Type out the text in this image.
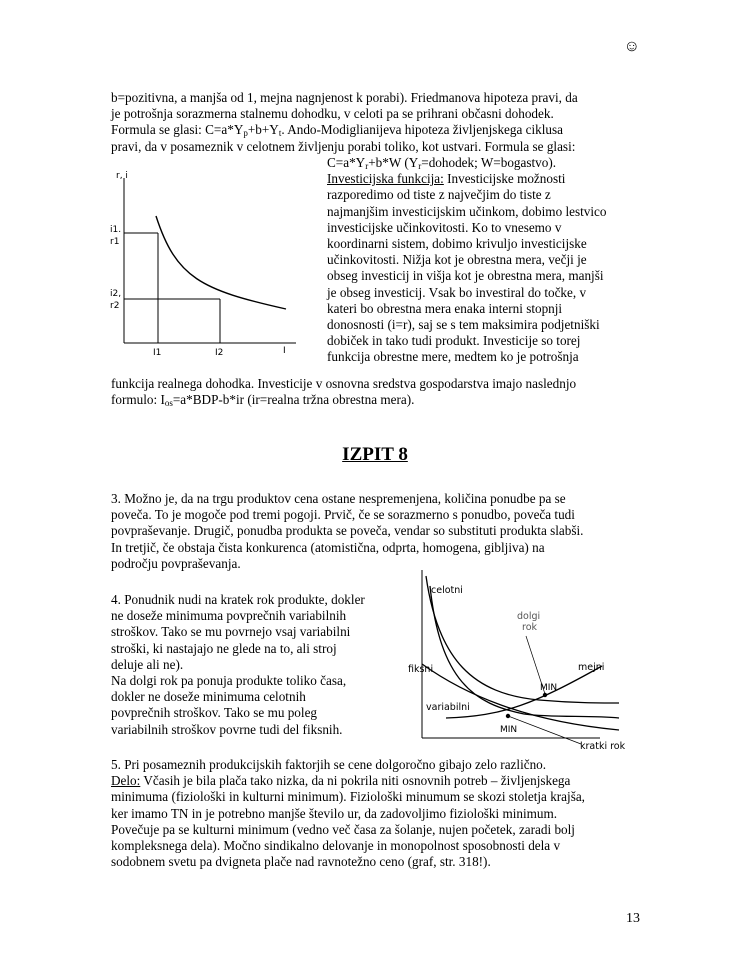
☺
b=pozitivna, a manjša od 1, mejna nagnjenost k porabi). Friedmanova hipoteza pravi, da
je potrošnja sorazmerna stalnemu dohodku, v celoti pa se prihrani občasni dohodek.
Formula se glasi: $C=a*Y_p+b+Y_t$. Ando-Modiglianijeva hipoteza življenjskega ciklusa
pravi, da v posameznik v celotnem življenju porabi toliko, kot ustvari. Formula se glasi:
$C=a*Y_r+b*W$ ($Y_r=dohodek$; W=bogastvo).
Investicijska funkcija: Investicijske možnosti
razporedimo od tiste z največjim do tiste z
najmanjšim investicijskim učinkom, dobimo lestvico
investicijske učinkovitosti. Ko to vnesemo v
koordinarni sistem, dobimo krivuljo investicijske
učinkovitosti. Nižja kot je obrestna mera, večji je
obseg investicij in višja kot je obrestna mera, manjši
je obseg investicij. Vsak bo investiral do točke, v
kateri bo obrestna mera enaka interni stopnji
donosnosti (i=r), saj se s tem maksimira podjetniški
dobiček in tako tudi produkt. Investicije so torej
funkcija obrestne mere, medtem ko je potrošnja
funkcija realnega dohodka. Investicije v osnovna sredstva gospodarstva imajo naslednjo
formulo: $I_{os}=a*BDP-b*ir$ (ir=realna tržna obrestna mera).
r, i
i1.
r1
i2,
r2
I1	I2	I
IZPIT 8
3. Možno je, da na trgu produktov cena ostane nespremenjena, količina ponudbe pa se
poveča. To je mogoče pod tremi pogoji. Prvič, če se sorazmerno s ponudbo, poveča tudi
povpraševanje. Drugič, ponudba produkta se poveča, vendar so substituti produkta slabši.
In tretjič, če obstaja čista konkurenca (atomistična, odprta, homogena, gibljiva) na
področju povpraševanja.
4. Ponudnik nudi na kratek rok produkte, dokler
ne doseže minimuma povprečnih variabilnih
stroškov. Tako se mu povrnejo vsaj variabilni
stroški, ki nastajajo ne glede na to, ali stroj
deluje ali ne).
Na dolgi rok pa ponuja produkte toliko časa,
dokler ne doseže minimuma celotnih
povprečnih stroškov. Tako se mu poleg
variabilnih stroškov povrne tudi del fiksnih.
celotni
dolgi
rok
fiksni	mejni
MIN
variabilni
MIN
kratki rok
5. Pri posameznih produkcijskih faktorjih se cene dolgoročno gibajo zelo različno.
Delo: Včasih je bila plača tako nizka, da ni pokrila niti osnovnih potreb – življenjskega
minimuma (fiziološki in kulturni minimum). Fiziološki minumum se skozi stoletja krajša,
ker imamo TN in je potrebno manjše število ur, da zadovoljimo fiziološki minimum.
Povečuje pa se kulturni minimum (vedno več časa za šolanje, nujen početek, zaradi bolj
kompleksnega dela). Močno sindikalno delovanje in monopolnost sposobnosti dela v
sodobnem svetu pa dvigneta plače nad ravnotežno ceno (graf, str. 318!).
13
